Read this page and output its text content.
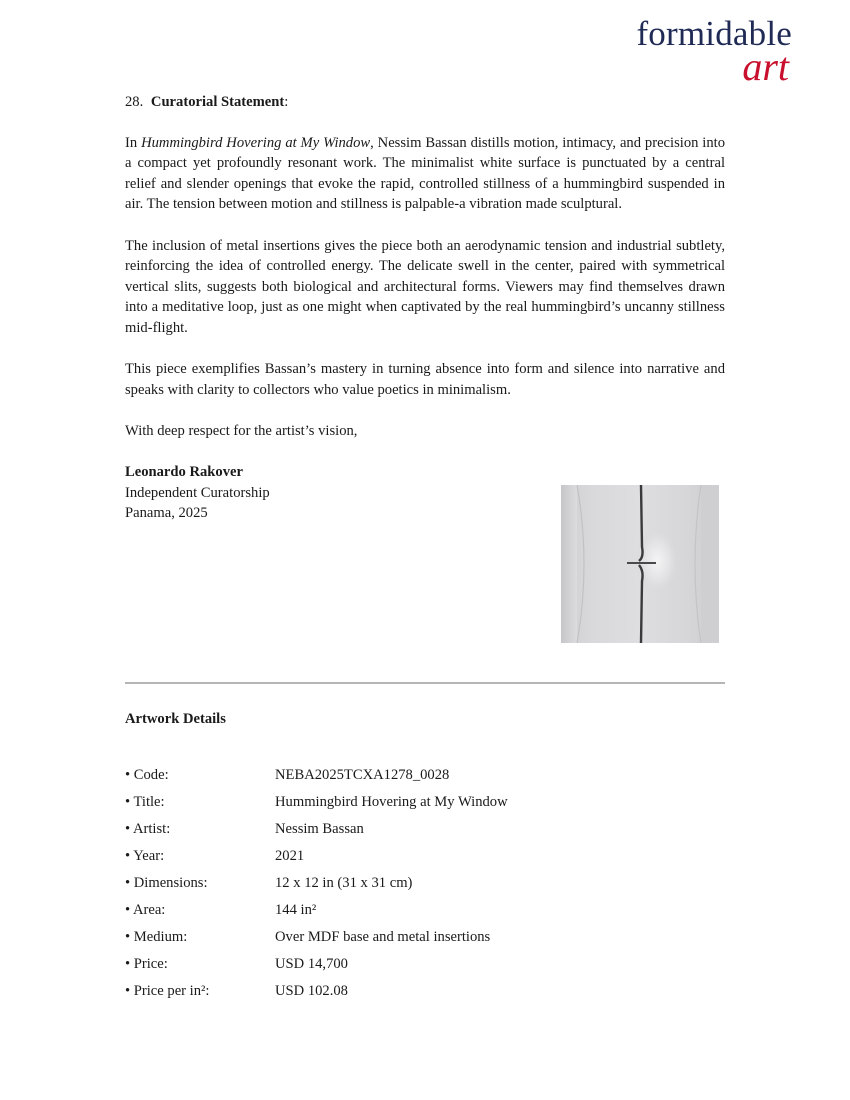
formidable
art
28. Curatorial Statement:

In Hummingbird Hovering at My Window, Nessim Bassan distills motion, intimacy, and precision into a compact yet profoundly resonant work. The minimalist white surface is punctuated by a central relief and slender openings that evoke the rapid, controlled stillness of a hummingbird suspended in air. The tension between motion and stillness is palpable-a vibration made sculptural.

The inclusion of metal insertions gives the piece both an aerodynamic tension and industrial subtlety, reinforcing the idea of controlled energy. The delicate swell in the center, paired with symmetrical vertical slits, suggests both biological and architectural forms. Viewers may find themselves drawn into a meditative loop, just as one might when captivated by the real hummingbird’s uncanny stillness mid-flight.

This piece exemplifies Bassan’s mastery in turning absence into form and silence into narrative and speaks with clarity to collectors who value poetics in minimalism.

With deep respect for the artist’s vision,
Leonardo Rakover
Independent Curatorship
Panama, 2025
Artwork Details
• Code:	NEBA2025TCXA1278_0028
• Title:	Hummingbird Hovering at My Window
• Artist:	Nessim Bassan
• Year:	2021
• Dimensions:	12 x 12 in (31 x 31 cm)
• Area:	144 in²
• Medium:	Over MDF base and metal insertions
• Price:	USD 14,700
• Price per in²:	USD 102.08
